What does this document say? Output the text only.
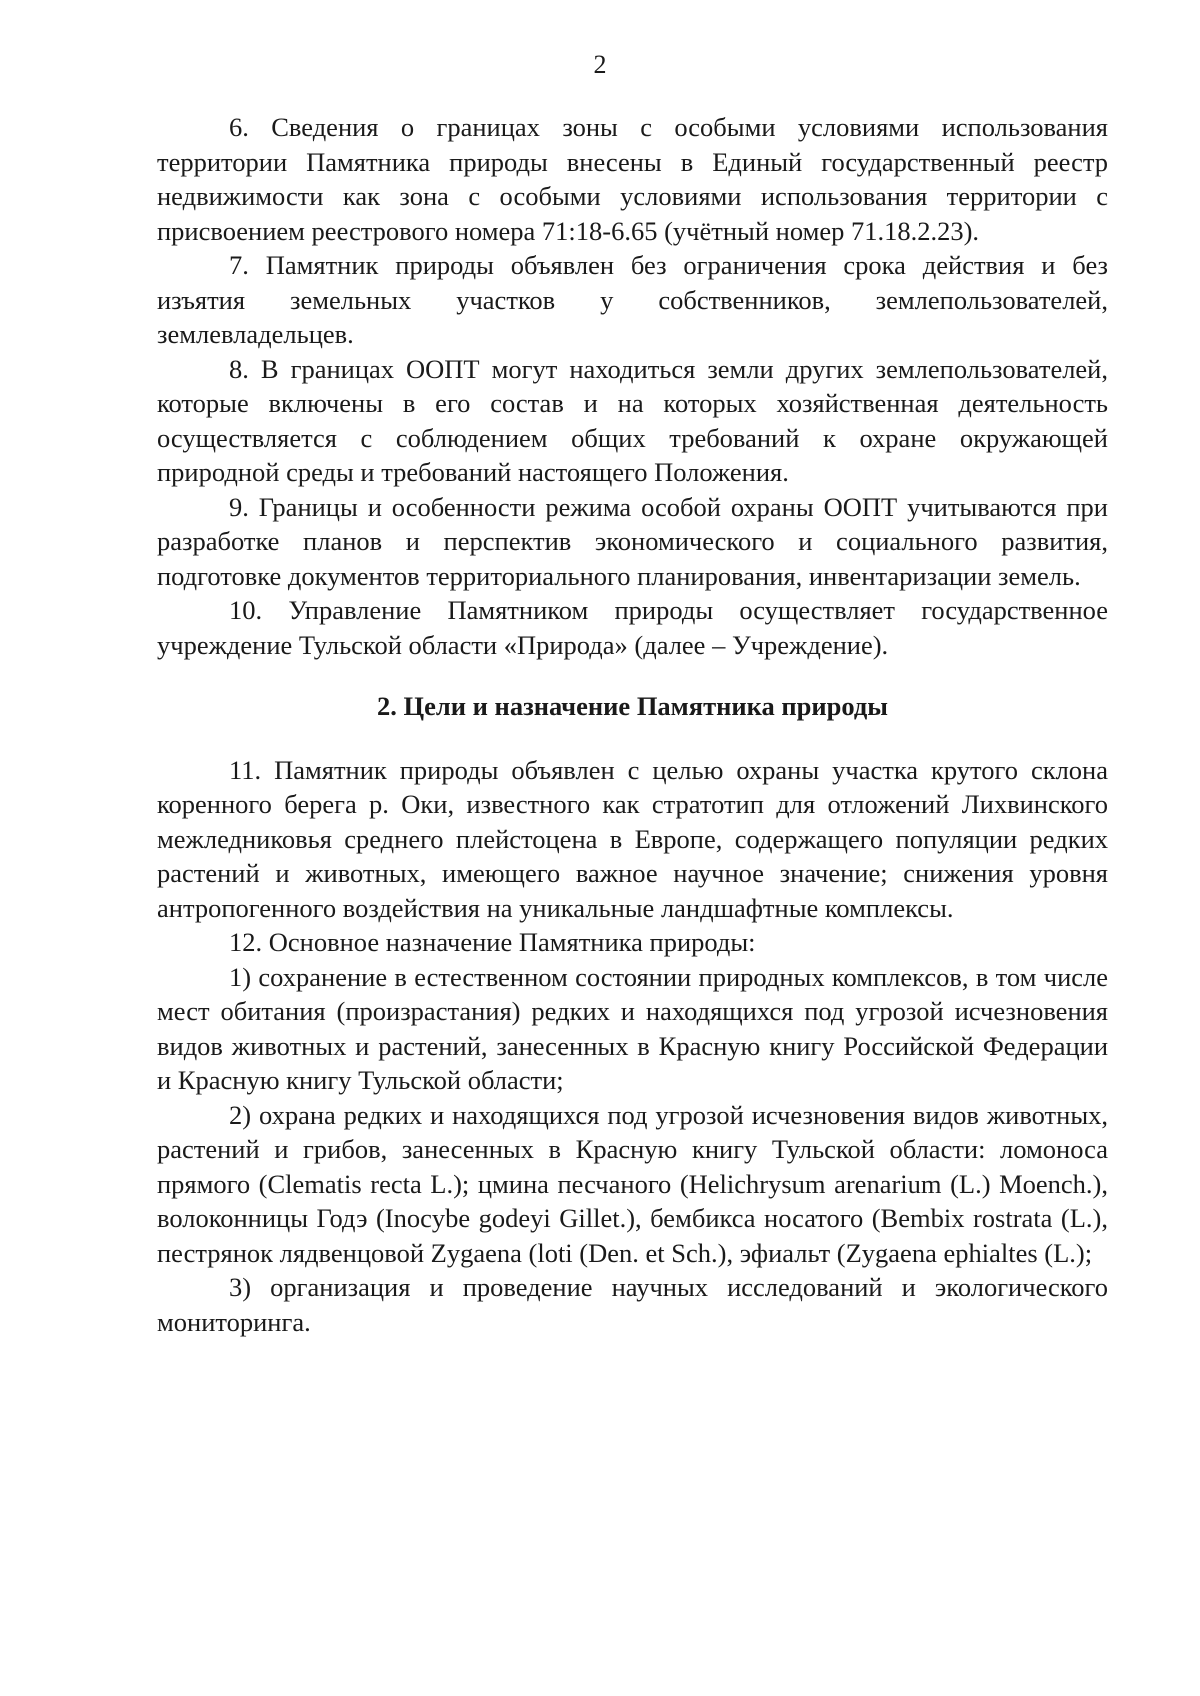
2

6. Сведения о границах зоны с особыми условиями использования территории Памятника природы внесены в Единый государственный реестр недвижимости как зона с особыми условиями использования территории с присвоением реестрового номера 71:18-6.65 (учётный номер 71.18.2.23).

7. Памятник природы объявлен без ограничения срока действия и без изъятия земельных участков у собственников, землепользователей, землевладельцев.

8. В границах ООПТ могут находиться земли других землепользователей, которые включены в его состав и на которых хозяйственная деятельность осуществляется с соблюдением общих требований к охране окружающей природной среды и требований настоящего Положения.

9. Границы и особенности режима особой охраны ООПТ учитываются при разработке планов и перспектив экономического и социального развития, подготовке документов территориального планирования, инвентаризации земель.

10. Управление Памятником природы осуществляет государственное учреждение Тульской области «Природа» (далее – Учреждение).

2. Цели и назначение Памятника природы

11. Памятник природы объявлен с целью охраны участка крутого склона коренного берега р. Оки, известного как стратотип для отложений Лихвинского межледниковья среднего плейстоцена в Европе, содержащего популяции редких растений и животных, имеющего важное научное значение; снижения уровня антропогенного воздействия на уникальные ландшафтные комплексы.

12. Основное назначение Памятника природы:

1) сохранение в естественном состоянии природных комплексов, в том числе мест обитания (произрастания) редких и находящихся под угрозой исчезновения видов животных и растений, занесенных в Красную книгу Российской Федерации и Красную книгу Тульской области;

2) охрана редких и находящихся под угрозой исчезновения видов животных, растений и грибов, занесенных в Красную книгу Тульской области: ломоноса прямого (Clematis recta L.); цмина песчаного (Helichrysum arenarium (L.) Moench.), волоконницы Годэ (Inocybe godeyi Gillet.), бембикса носатого (Bembix rostrata (L.), пестрянок лядвенцовой Zygaena (loti (Den. et Sch.), эфиальт (Zygaena ephialtes (L.);

3) организация и проведение научных исследований и экологического мониторинга.
